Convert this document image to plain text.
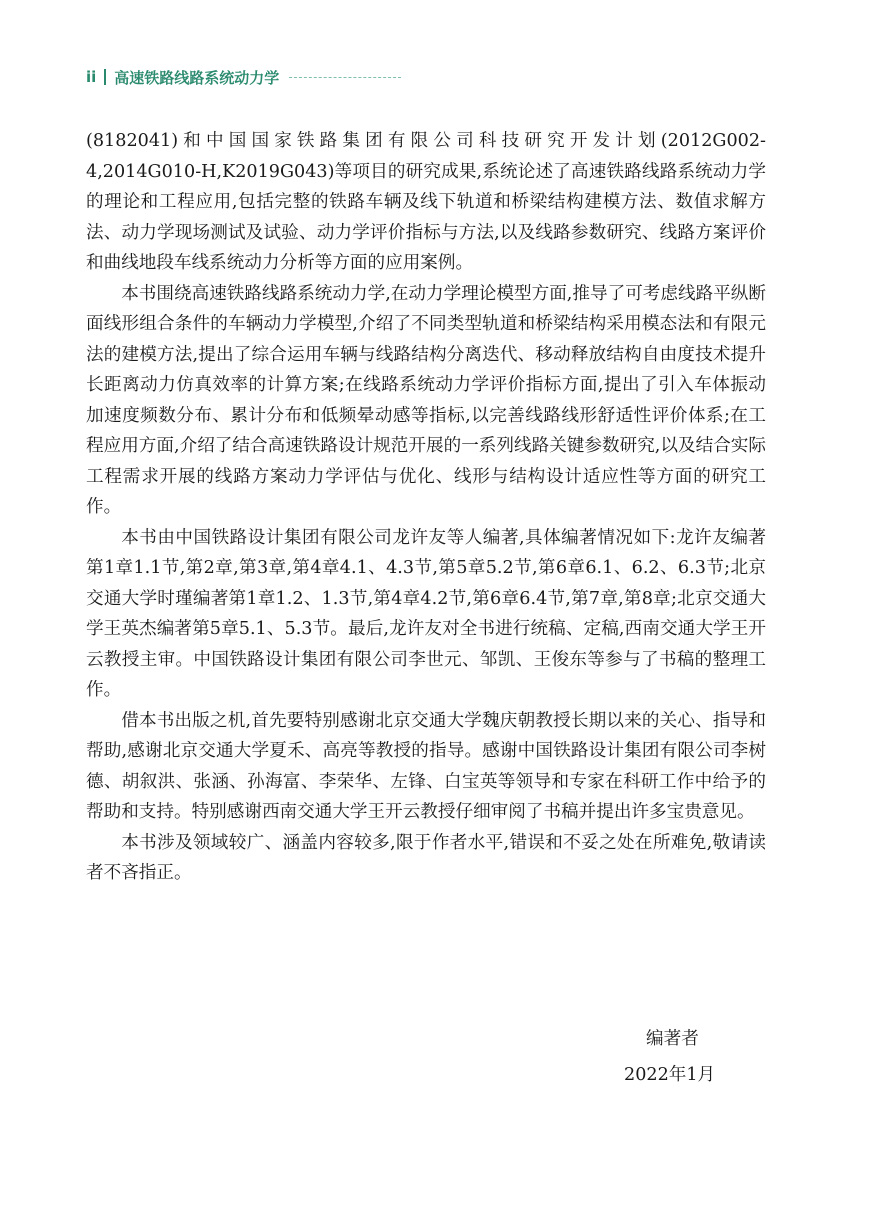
ii 高速铁路线路系统动力学

(8182041)和中国国家铁路集团有限公司科技研究开发计划(2012G002-4,2014G010-H,K2019G043)等项目的研究成果,系统论述了高速铁路线路系统动力学的理论和工程应用,包括完整的铁路车辆及线下轨道和桥梁结构建模方法、数值求解方法、动力学现场测试及试验、动力学评价指标与方法,以及线路参数研究、线路方案评价和曲线地段车线系统动力分析等方面的应用案例。

本书围绕高速铁路线路系统动力学,在动力学理论模型方面,推导了可考虑线路平纵断面线形组合条件的车辆动力学模型,介绍了不同类型轨道和桥梁结构采用模态法和有限元法的建模方法,提出了综合运用车辆与线路结构分离迭代、移动释放结构自由度技术提升长距离动力仿真效率的计算方案;在线路系统动力学评价指标方面,提出了引入车体振动加速度频数分布、累计分布和低频晕动感等指标,以完善线路线形舒适性评价体系;在工程应用方面,介绍了结合高速铁路设计规范开展的一系列线路关键参数研究,以及结合实际工程需求开展的线路方案动力学评估与优化、线形与结构设计适应性等方面的研究工作。

本书由中国铁路设计集团有限公司龙许友等人编著,具体编著情况如下:龙许友编著第1章1.1节,第2章,第3章,第4章4.1、4.3节,第5章5.2节,第6章6.1、6.2、6.3节;北京交通大学时瑾编著第1章1.2、1.3节,第4章4.2节,第6章6.4节,第7章,第8章;北京交通大学王英杰编著第5章5.1、5.3节。最后,龙许友对全书进行统稿、定稿,西南交通大学王开云教授主审。中国铁路设计集团有限公司李世元、邹凯、王俊东等参与了书稿的整理工作。

借本书出版之机,首先要特别感谢北京交通大学魏庆朝教授长期以来的关心、指导和帮助,感谢北京交通大学夏禾、高亮等教授的指导。感谢中国铁路设计集团有限公司李树德、胡叙洪、张涵、孙海富、李荣华、左锋、白宝英等领导和专家在科研工作中给予的帮助和支持。特别感谢西南交通大学王开云教授仔细审阅了书稿并提出许多宝贵意见。

本书涉及领域较广、涵盖内容较多,限于作者水平,错误和不妥之处在所难免,敬请读者不吝指正。

编著者
2022年1月
